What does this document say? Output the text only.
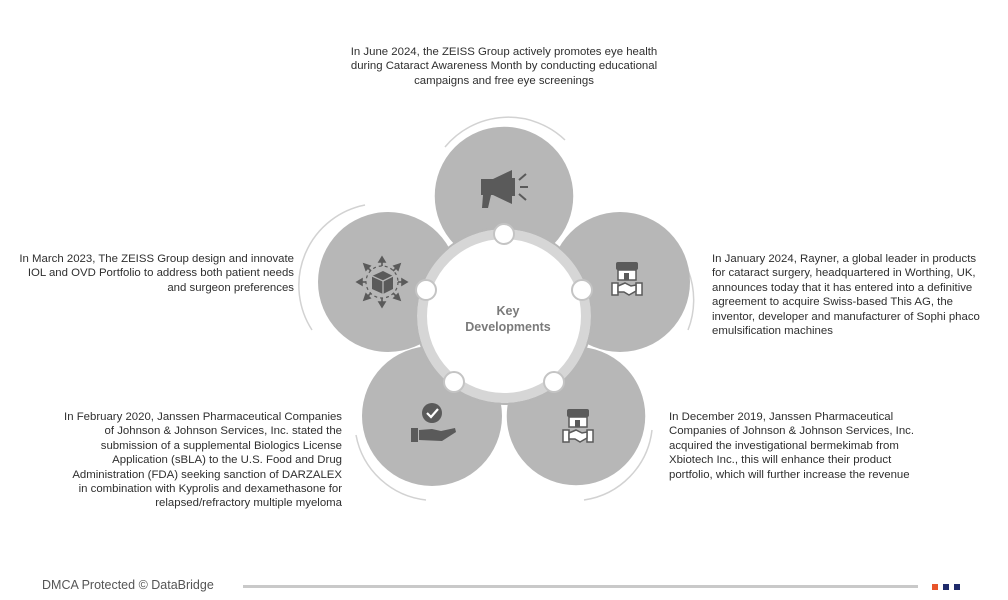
Key
Developments
In June 2024, the ZEISS Group actively promotes eye health
during Cataract Awareness Month by conducting educational
campaigns and free eye screenings
In January 2024, Rayner, a global leader in products
for cataract surgery, headquartered in Worthing, UK,
announces today that it has entered into a definitive
agreement to acquire Swiss-based This AG, the
inventor, developer and manufacturer of Sophi phaco
emulsification machines
In December 2019, Janssen Pharmaceutical
Companies of Johnson & Johnson Services, Inc.
acquired the investigational bermekimab from
Xbiotech Inc., this will enhance their product
portfolio, which will further increase the revenue
In February 2020, Janssen Pharmaceutical Companies
of Johnson & Johnson Services, Inc. stated the
submission of a supplemental Biologics License
Application (sBLA) to the U.S. Food and Drug
Administration (FDA) seeking sanction of DARZALEX
in combination with Kyprolis and dexamethasone for
relapsed/refractory multiple myeloma
In March 2023, The ZEISS Group design and innovate
IOL and OVD Portfolio to address both patient needs
and surgeon preferences
DMCA Protected © DataBridge
